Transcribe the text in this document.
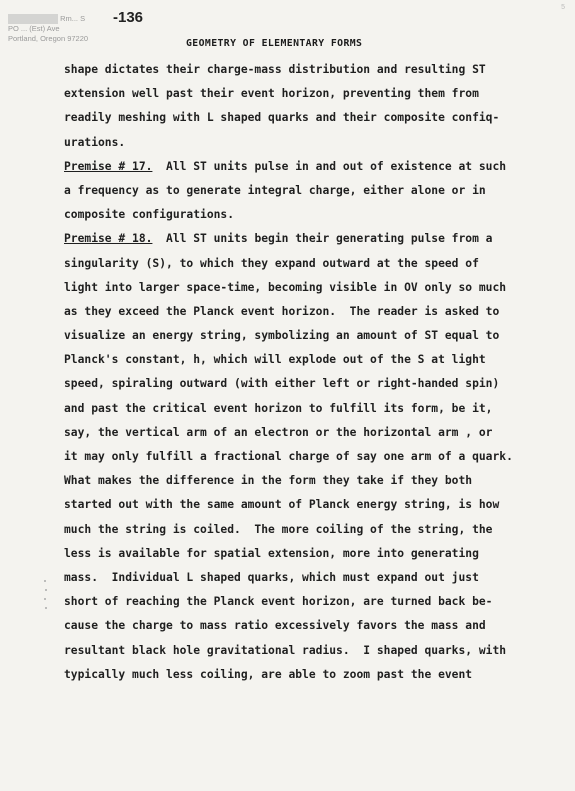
Rm... S
PO ... (Est) Ave
Portland, Oregon 97220
-136
5
GEOMETRY OF ELEMENTARY FORMS
shape dictates their charge-mass distribution and resulting ST
extension well past their event horizon, preventing them from
readily meshing with L shaped quarks and their composite confiq-
urations.
Premise # 17.  All ST units pulse in and out of existence at such
a frequency as to generate integral charge, either alone or in
composite configurations.
Premise # 18.  All ST units begin their generating pulse from a
singularity (S), to which they expand outward at the speed of
light into larger space-time, becoming visible in OV only so much
as they exceed the Planck event horizon.  The reader is asked to
visualize an energy string, symbolizing an amount of ST equal to
Planck's constant, h, which will explode out of the S at light
speed, spiraling outward (with either left or right-handed spin)
and past the critical event horizon to fulfill its form, be it,
say, the vertical arm of an electron or the horizontal arm , or
it may only fulfill a fractional charge of say one arm of a quark.
What makes the difference in the form they take if they both
started out with the same amount of Planck energy string, is how
much the string is coiled.  The more coiling of the string, the
less is available for spatial extension, more into generating
mass.  Individual L shaped quarks, which must expand out just
short of reaching the Planck event horizon, are turned back be-
cause the charge to mass ratio excessively favors the mass and
resultant black hole gravitational radius.  I shaped quarks, with
typically much less coiling, are able to zoom past the event
